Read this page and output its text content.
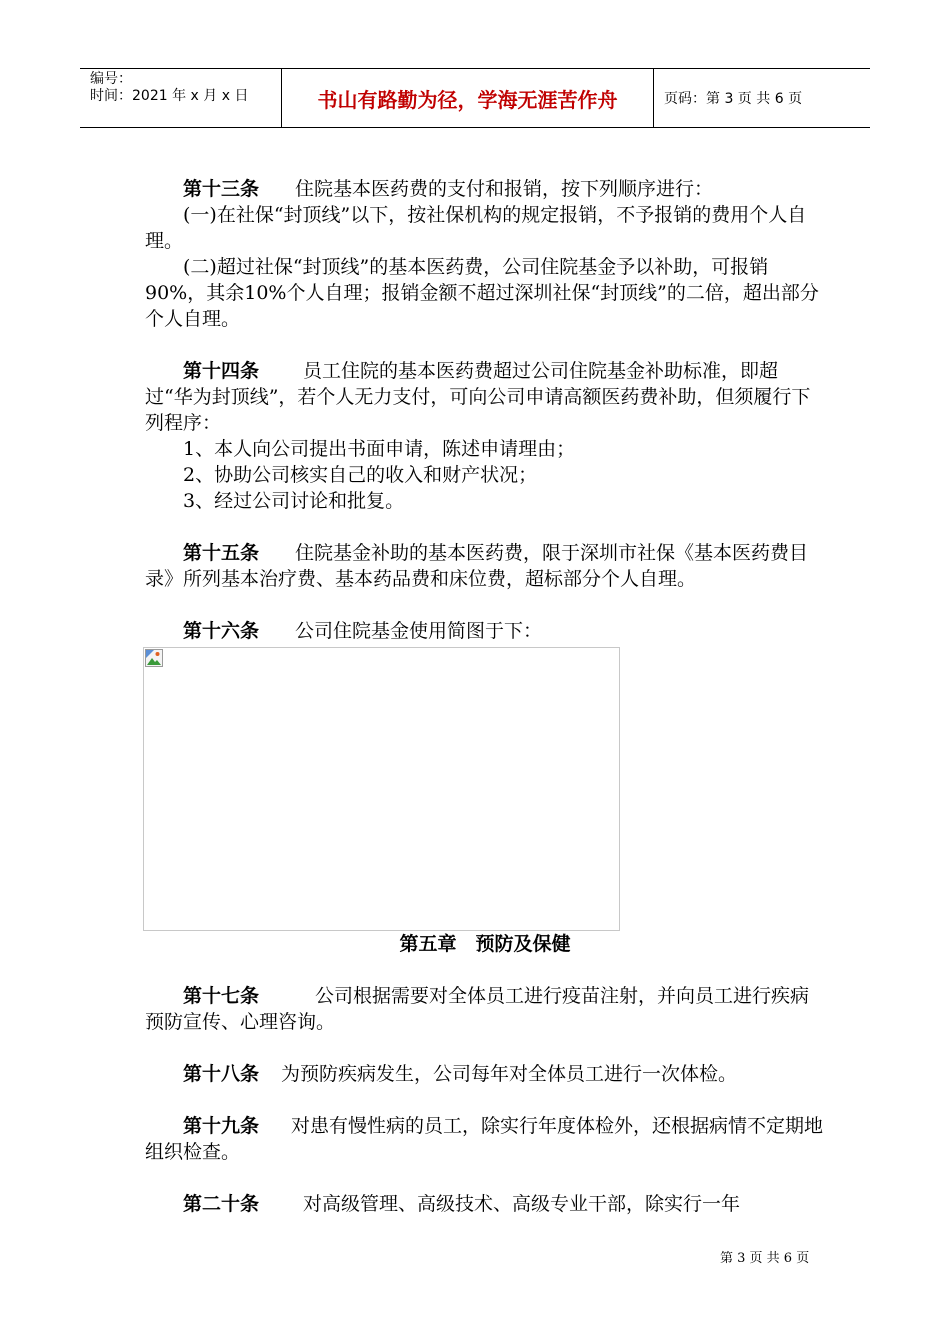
编号：
时间：2021 年 x 月 x 日	书山有路勤为径，学海无涯苦作舟	页码：第 3 页 共 6 页

第十三条 住院基本医药费的支付和报销，按下列顺序进行：

(一)在社保“封顶线”以下，按社保机构的规定报销，不予报销的费用个人自理。

(二)超过社保“封顶线”的基本医药费，公司住院基金予以补助，可报销90%，其余10%个人自理；报销金额不超过深圳社保“封顶线”的二倍，超出部分个人自理。

第十四条 员工住院的基本医药费超过公司住院基金补助标准，即超过“华为封顶线”，若个人无力支付，可向公司申请高额医药费补助，但须履行下列程序：

1、本人向公司提出书面申请，陈述申请理由；

2、协助公司核实自己的收入和财产状况；

3、经过公司讨论和批复。

第十五条 住院基金补助的基本医药费，限于深圳市社保《基本医药费目录》所列基本治疗费、基本药品费和床位费，超标部分个人自理。

第十六条 公司住院基金使用简图于下：

第五章　预防及保健

第十七条	公司根据需要对全体员工进行疫苗注射，并向员工进行疾病预防宣传、心理咨询。

第十八条 为预防疾病发生，公司每年对全体员工进行一次体检。

第十九条 对患有慢性病的员工，除实行年度体检外，还根据病情不定期地组织检查。

第二十条 对高级管理、高级技术、高级专业干部，除实行一年

第 3 页 共 6 页
